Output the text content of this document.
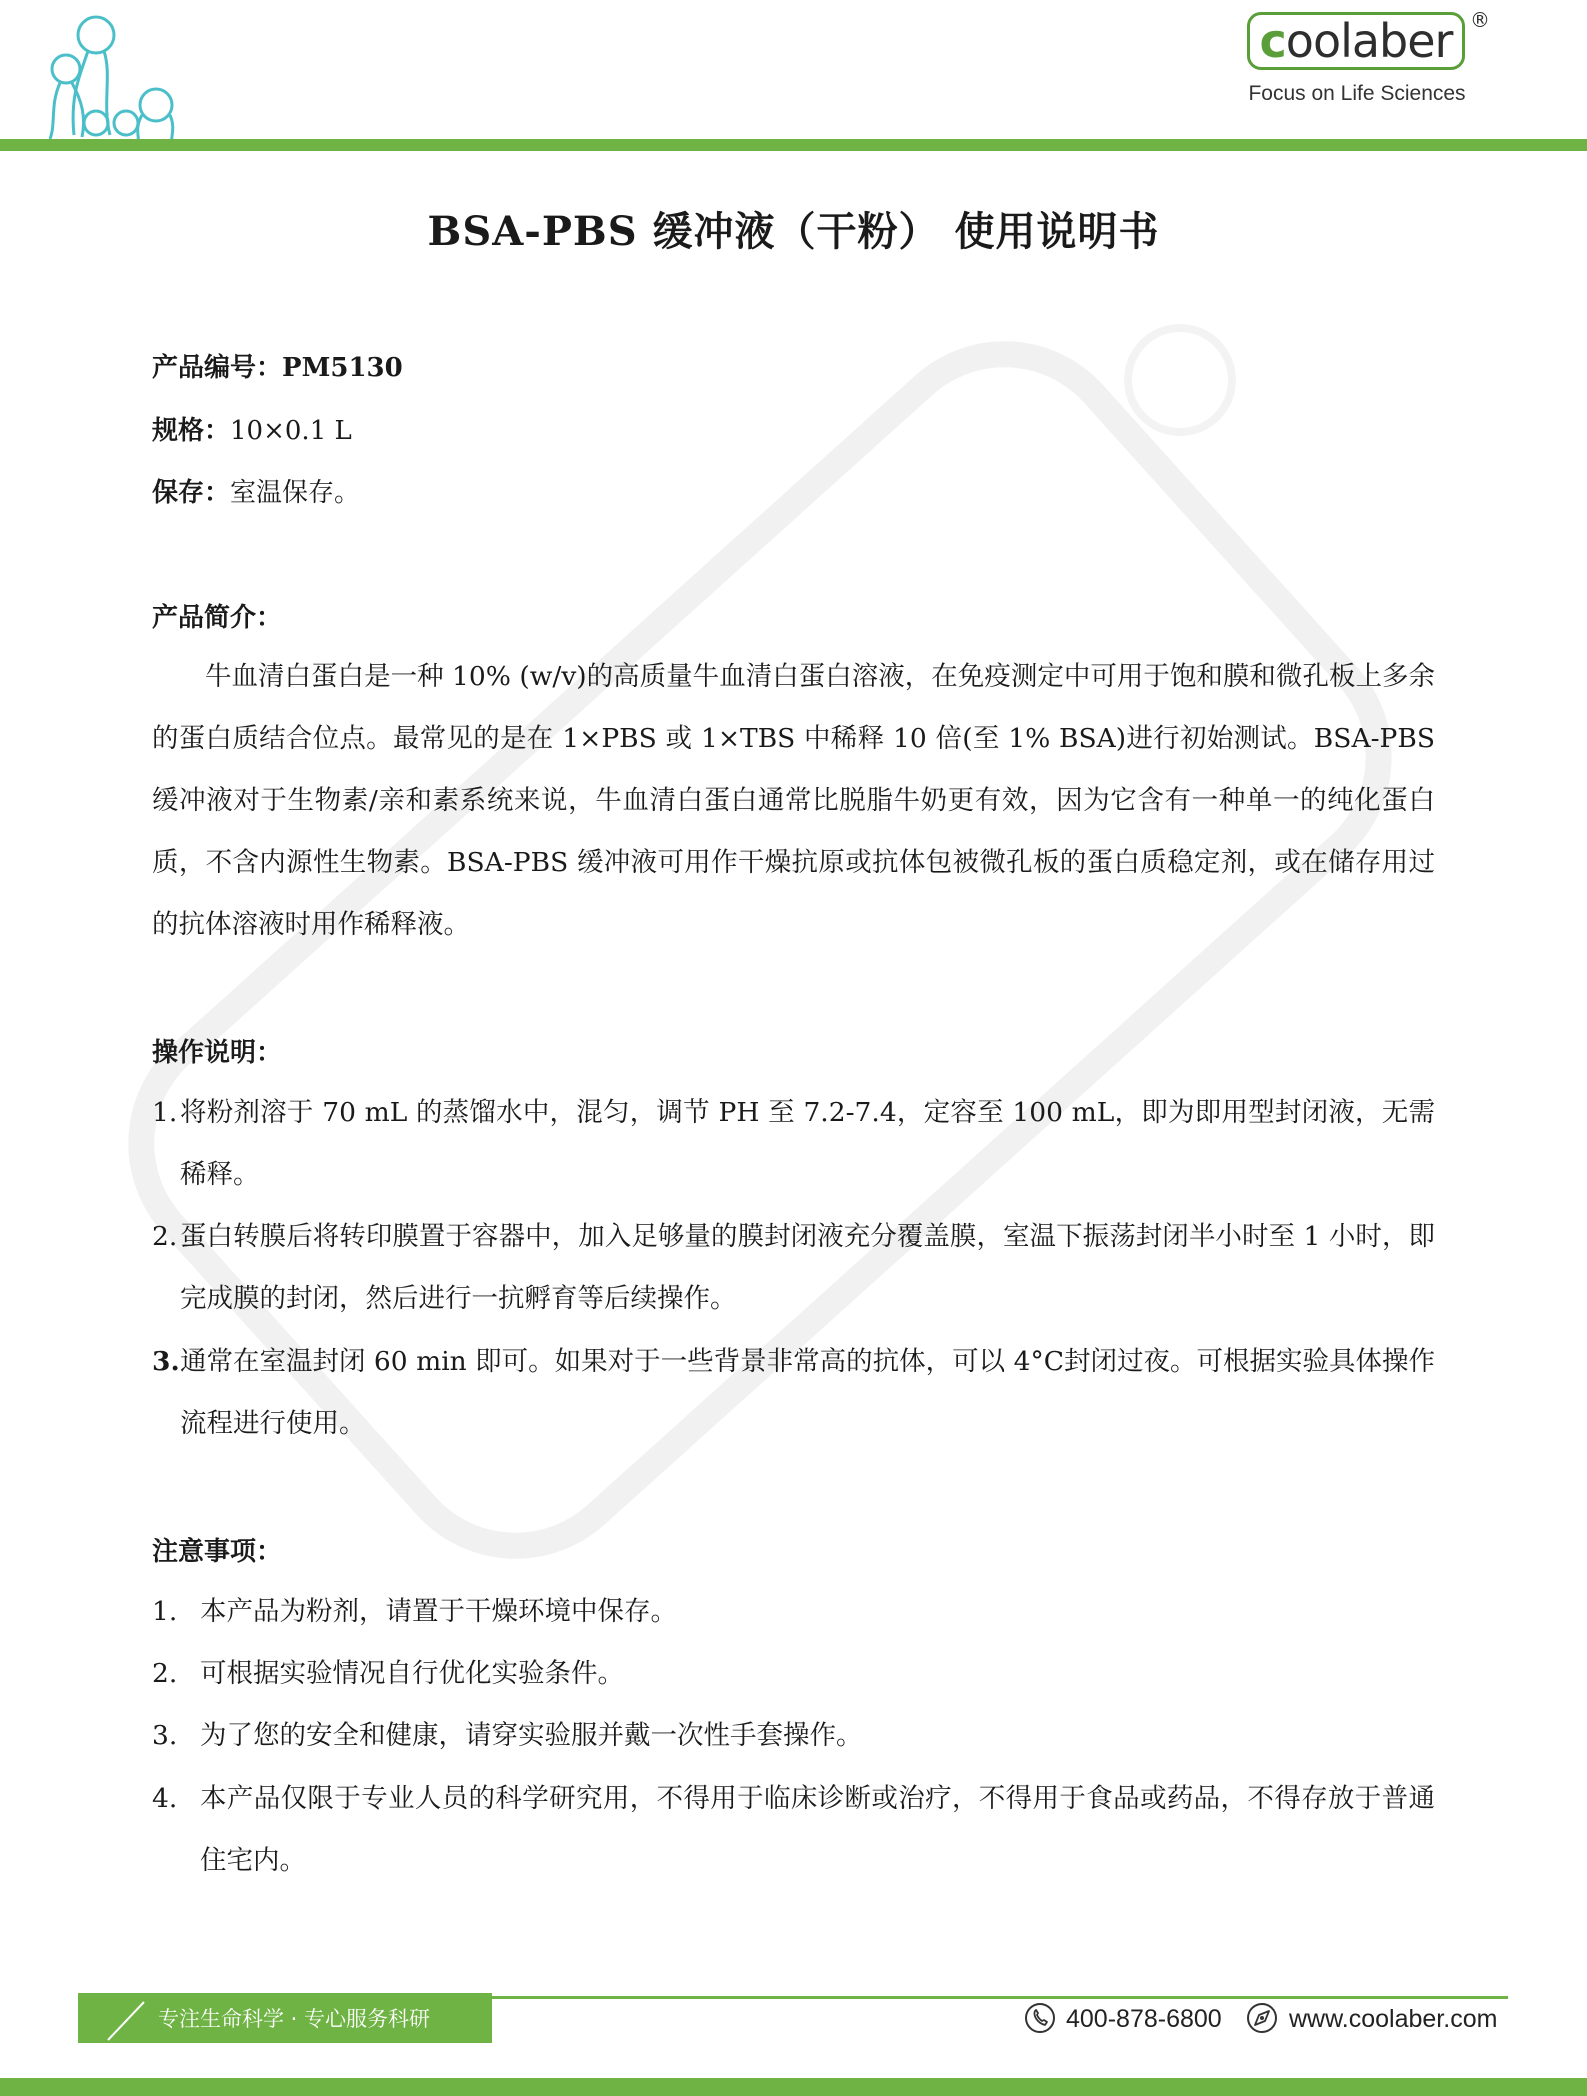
c oolaber ®
Focus on Life Sciences
BSA-PBS 缓冲液（干粉） 使用说明书
产品编号：PM5130
规格：10×0.1 L
保存：室温保存。
产品简介：

牛血清白蛋白是一种 10% (w/v)的高质量牛血清白蛋白溶液，在免疫测定中可用于饱和膜和微孔板上多余的蛋白质结合位点。最常见的是在 1×PBS 或 1×TBS 中稀释 10 倍(至 1% BSA)进行初始测试。BSA-PBS 缓冲液对于生物素/亲和素系统来说，牛血清白蛋白通常比脱脂牛奶更有效，因为它含有一种单一的纯化蛋白质，不含内源性生物素。BSA-PBS 缓冲液可用作干燥抗原或抗体包被微孔板的蛋白质稳定剂，或在储存用过的抗体溶液时用作稀释液。

操作说明：
1. 将粉剂溶于 70 mL 的蒸馏水中，混匀，调节 PH 至 7.2-7.4，定容至 100 mL，即为即用型封闭液，无需稀释。
2. 蛋白转膜后将转印膜置于容器中，加入足够量的膜封闭液充分覆盖膜，室温下振荡封闭半小时至 1 小时，即完成膜的封闭，然后进行一抗孵育等后续操作。
3. 通常在室温封闭 60 min 即可。如果对于一些背景非常高的抗体，可以 4°C封闭过夜。可根据实验具体操作流程进行使用。
注意事项：
1. 本产品为粉剂，请置于干燥环境中保存。
2. 可根据实验情况自行优化实验条件。
3. 为了您的安全和健康，请穿实验服并戴一次性手套操作。
4. 本产品仅限于专业人员的科学研究用，不得用于临床诊断或治疗，不得用于食品或药品，不得存放于普通住宅内。
专注生命科学 · 专心服务科研	400-878-6800	www.coolaber.com
